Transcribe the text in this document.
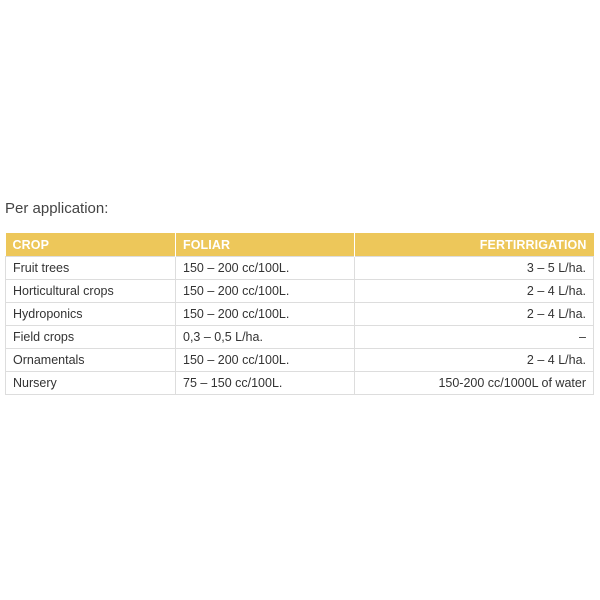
Per application:

CROP	FOLIAR	FERTIRRIGATION
Fruit trees	150 – 200 cc/100L.	3 – 5 L/ha.
Horticultural crops	150 – 200 cc/100L.	2 – 4 L/ha.
Hydroponics	150 – 200 cc/100L.	2 – 4 L/ha.
Field crops	0,3 – 0,5 L/ha.	–
Ornamentals	150 – 200 cc/100L.	2 – 4 L/ha.
Nursery	75 – 150 cc/100L.	150-200 cc/1000L of water
